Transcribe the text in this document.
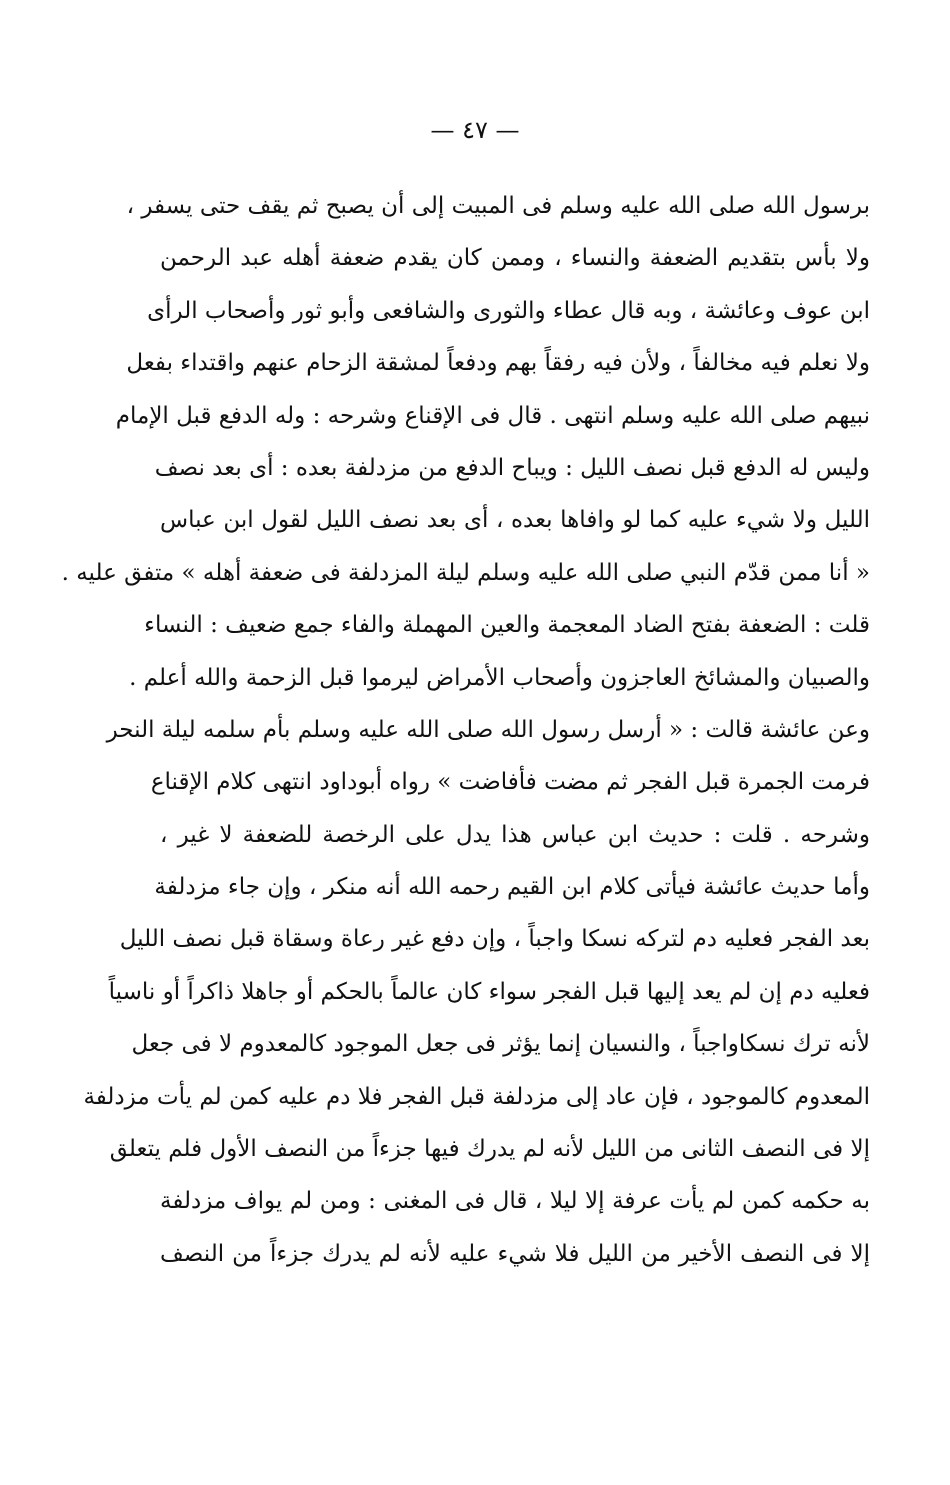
— ٤٧ —
برسول الله صلى الله عليه وسلم فى المبيت إلى أن يصبح ثم يقف حتى يسفر ،
ولا بأس بتقديم الضعفة والنساء ، وممن كان يقدم ضعفة أهله عبد الرحمن
ابن عوف وعائشة ، وبه قال عطاء والثورى والشافعى وأبو ثور وأصحاب الرأى
ولا نعلم فيه مخالفاً ، ولأن فيه رفقاً بهم ودفعاً لمشقة الزحام عنهم واقتداء بفعل
نبيهم صلى الله عليه وسلم انتهى . قال فى الإقناع وشرحه : وله الدفع قبل الإمام
وليس له الدفع قبل نصف الليل : ويباح الدفع من مزدلفة بعده : أى بعد نصف
الليل ولا شيء عليه كما لو وافاها بعده ، أى بعد نصف الليل لقول ابن عباس
« أنا ممن قدّم النبي صلى الله عليه وسلم ليلة المزدلفة فى ضعفة أهله » متفق عليه .
قلت : الضعفة بفتح الضاد المعجمة والعين المهملة والفاء جمع ضعيف : النساء
والصبيان والمشائخ العاجزون وأصحاب الأمراض ليرموا قبل الزحمة والله أعلم .
وعن عائشة قالت : « أرسل رسول الله صلى الله عليه وسلم بأم سلمه ليلة النحر
فرمت الجمرة قبل الفجر ثم مضت فأفاضت » رواه أبوداود انتهى كلام الإقناع
وشرحه . قلت : حديث ابن عباس هذا يدل على الرخصة للضعفة لا غير ،
وأما حديث عائشة فيأتى كلام ابن القيم رحمه الله أنه منكر ، وإن جاء مزدلفة
بعد الفجر فعليه دم لتركه نسكا واجباً ، وإن دفع غير رعاة وسقاة قبل نصف الليل
فعليه دم إن لم يعد إليها قبل الفجر سواء كان عالماً بالحكم أو جاهلا ذاكراً أو ناسياً
لأنه ترك نسكاواجباً ، والنسيان إنما يؤثر فى جعل الموجود كالمعدوم لا فى جعل
المعدوم كالموجود ، فإن عاد إلى مزدلفة قبل الفجر فلا دم عليه كمن لم يأت مزدلفة
إلا فى النصف الثانى من الليل لأنه لم يدرك فيها جزءاً من النصف الأول فلم يتعلق
به حكمه كمن لم يأت عرفة إلا ليلا ، قال فى المغنى : ومن لم يواف مزدلفة
إلا فى النصف الأخير من الليل فلا شيء عليه لأنه لم يدرك جزءاً من النصف
